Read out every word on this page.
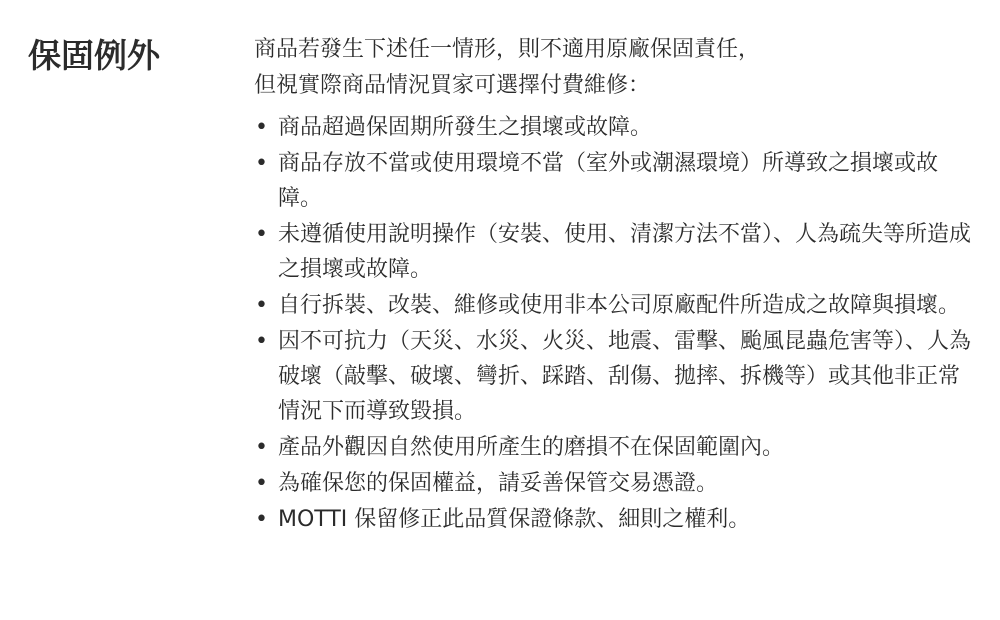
保固例外	商品若發生下述任一情形，則不適用原廠保固責任，
但視實際商品情況買家可選擇付費維修：

• 商品超過保固期所發生之損壞或故障。
• 商品存放不當或使用環境不當（室外或潮濕環境）所導致之損壞或故障。
• 未遵循使用說明操作（安裝、使用、清潔方法不當）、人為疏失等所造成之損壞或故障。
• 自行拆裝、改裝、維修或使用非本公司原廠配件所造成之故障與損壞。
• 因不可抗力（天災、水災、火災、地震、雷擊、颱風昆蟲危害等）、人為破壞（敲擊、破壞、彎折、踩踏、刮傷、拋摔、拆機等）或其他非正常情況下而導致毀損。
• 產品外觀因自然使用所產生的磨損不在保固範圍內。
• 為確保您的保固權益，請妥善保管交易憑證。
• MOTTI 保留修正此品質保證條款、細則之權利。
